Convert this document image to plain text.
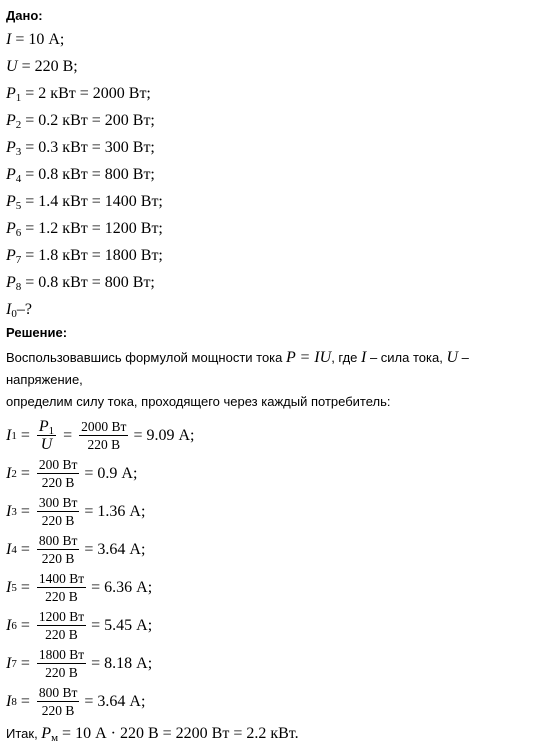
Дано:
I = 10 А;
U = 220 В;
$P_1 = 2$ кВт = 2000 Вт;
$P_2 = 0.2$ кВт = 200 Вт;
$P_3 = 0.3$ кВт = 300 Вт;
$P_4 = 0.8$ кВт = 800 Вт;
$P_5 = 1.4$ кВт = 1400 Вт;
$P_6 = 1.2$ кВт = 1200 Вт;
$P_7 = 1.8$ кВт = 1800 Вт;
$P_8 = 0.8$ кВт = 800 Вт;
$I_0-$?
Решение:
Воспользовавшись формулой мощности тока P = IU, где I – сила тока, U – напряжение,
определим силу тока, проходящего через каждый потребитель:
I $1 = \frac{P_1}{U} = \frac{2000 Вт}{220 В} = 9.09$ А;
I $2 = \frac{200 Вт}{220 В} = 0.9$ А;
I $3 = \frac{300 Вт}{220 В} = 1.36$ А;
I $4 = \frac{800 Вт}{220 В} = 3.64$ А;
I $5 = \frac{1400 Вт}{220 В} = 6.36$ А;
I $6 = \frac{1200 Вт}{220 В} = 5.45$ А;
I $7 = \frac{1800 Вт}{220 В} = 8.18$ А;
I $8 = \frac{800 Вт}{220 В} = 3.64$ А;
Итак, $P_м = 10$ А · 220 В = 2200 Вт = 2.2 кВт.
